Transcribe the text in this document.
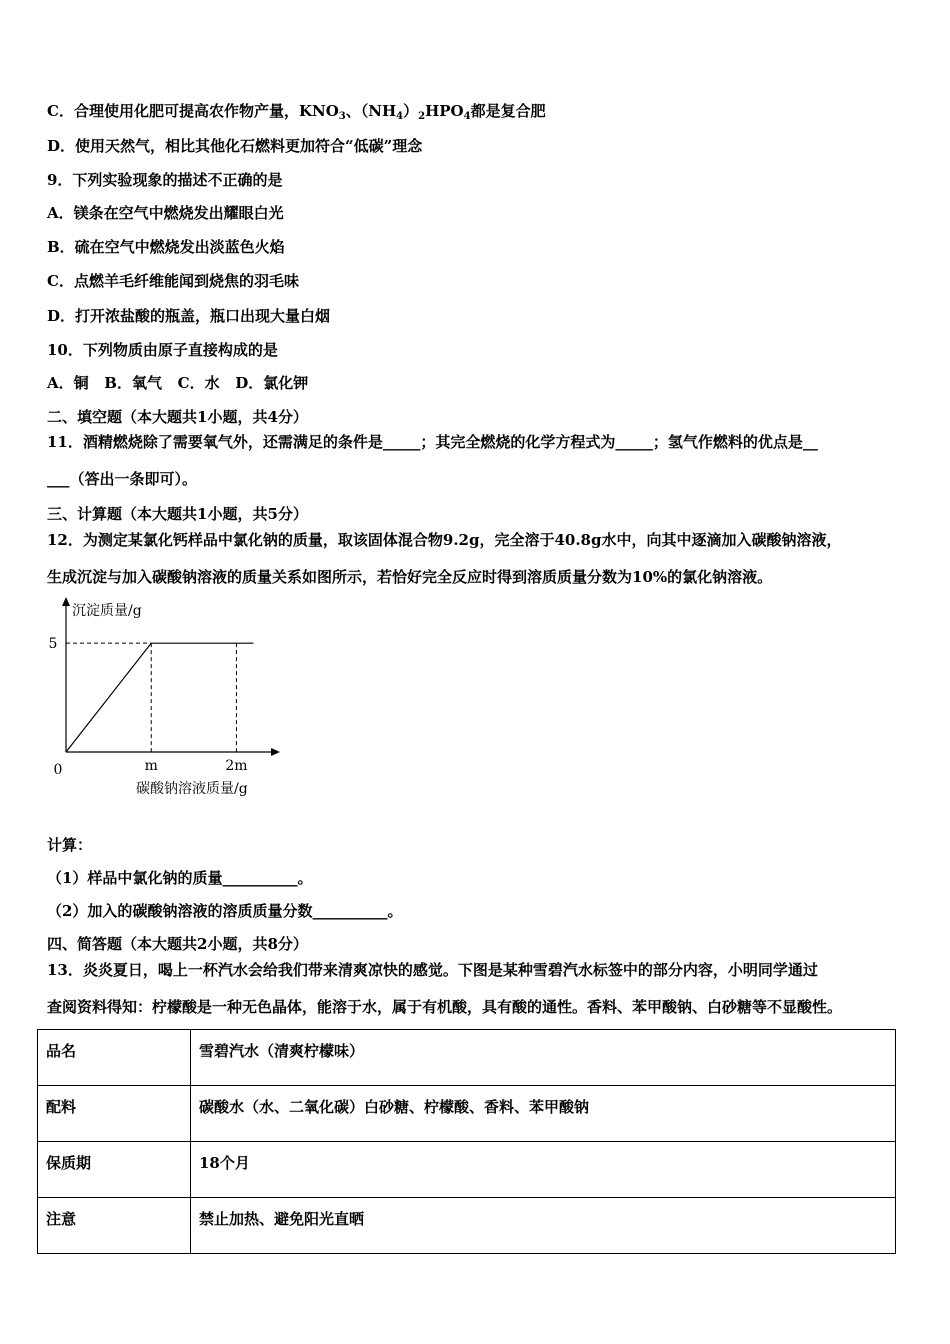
C．合理使用化肥可提高农作物产量，$KNO_3$、$(NH_4)_2HPO_4$都是复合肥
D．使用天然气，相比其他化石燃料更加符合“低碳”理念
9．下列实验现象的描述不正确的是
A．镁条在空气中燃烧发出耀眼白光
B．硫在空气中燃烧发出淡蓝色火焰
C．点燃羊毛纤维能闻到烧焦的羽毛味
D．打开浓盐酸的瓶盖，瓶口出现大量白烟
10．下列物质由原子直接构成的是
A．铜   B．氧气   C．水   D．氯化钾
二、填空题（本大题共1小题，共4分）
11．酒精燃烧除了需要氧气外，还需满足的条件是_____；其完全燃烧的化学方程式为_____；氢气作燃料的优点是__
___（答出一条即可）。
三、计算题（本大题共1小题，共5分）
12．为测定某氯化钙样品中氯化钠的质量，取该固体混合物9.2g，完全溶于40.8g水中，向其中逐滴加入碳酸钠溶液，
生成沉淀与加入碳酸钠溶液的质量关系如图所示，若恰好完全反应时得到溶质质量分数为10%的氯化钠溶液。
沉淀质量/g
碳酸钠溶液质量/g
0
5
m	2m
计算：
（1）样品中氯化钠的质量__________。
（2）加入的碳酸钠溶液的溶质质量分数__________。
四、简答题（本大题共2小题，共8分）
13．炎炎夏日，喝上一杯汽水会给我们带来清爽凉快的感觉。下图是某种雪碧汽水标签中的部分内容，小明同学通过
查阅资料得知：柠檬酸是一种无色晶体，能溶于水，属于有机酸，具有酸的通性。香料、苯甲酸钠、白砂糖等不显酸性。
品名	雪碧汽水（清爽柠檬味）
配料	碳酸水（水、二氧化碳）白砂糖、柠檬酸、香料、苯甲酸钠
保质期	18个月
注意	禁止加热、避免阳光直晒
